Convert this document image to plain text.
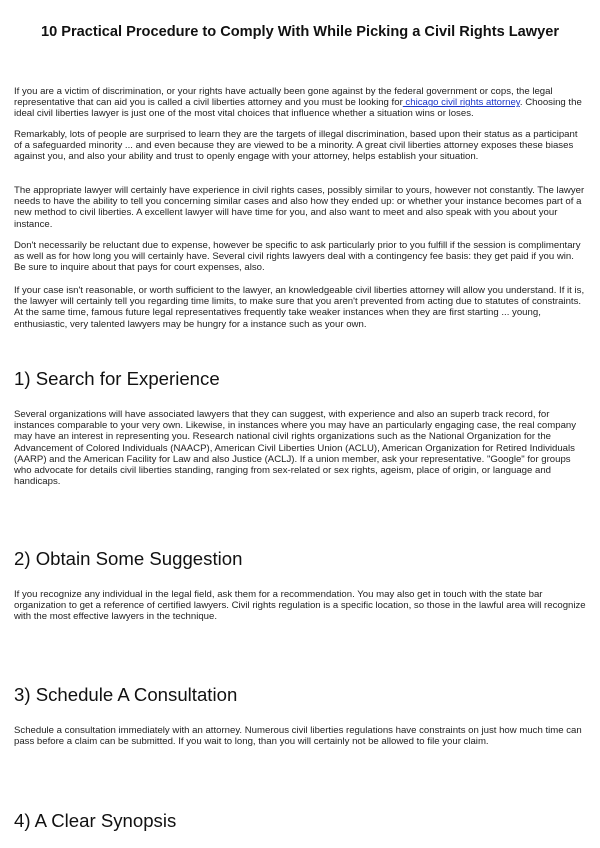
10 Practical Procedure to Comply With While Picking a Civil Rights Lawyer

If you are a victim of discrimination, or your rights have actually been gone against by the federal government or cops, the legal representative that can aid you is called a civil liberties attorney and you must be looking for chicago civil rights attorney. Choosing the ideal civil liberties lawyer is just one of the most vital choices that influence whether a situation wins or loses.

Remarkably, lots of people are surprised to learn they are the targets of illegal discrimination, based upon their status as a participant of a safeguarded minority ... and even because they are viewed to be a minority. A great civil liberties attorney exposes these biases against you, and also your ability and trust to openly engage with your attorney, helps establish your situation.

The appropriate lawyer will certainly have experience in civil rights cases, possibly similar to yours, however not constantly. The lawyer needs to have the ability to tell you concerning similar cases and also how they ended up: or whether your instance becomes part of a new method to civil liberties. A excellent lawyer will have time for you, and also want to meet and also speak with you about your instance.

Don't necessarily be reluctant due to expense, however be specific to ask particularly prior to you fulfill if the session is complimentary as well as for how long you will certainly have. Several civil rights lawyers deal with a contingency fee basis: they get paid if you win. Be sure to inquire about that pays for court expenses, also.

If your case isn't reasonable, or worth sufficient to the lawyer, an knowledgeable civil liberties attorney will allow you understand. If it is, the lawyer will certainly tell you regarding time limits, to make sure that you aren't prevented from acting due to statutes of constraints. At the same time, famous future legal representatives frequently take weaker instances when they are first starting ... young, enthusiastic, very talented lawyers may be hungry for a instance such as your own.

1) Search for Experience

Several organizations will have associated lawyers that they can suggest, with experience and also an superb track record, for instances comparable to your very own. Likewise, in instances where you may have an particularly engaging case, the real company may have an interest in representing you. Research national civil rights organizations such as the National Organization for the Advancement of Colored Individuals (NAACP), American Civil Liberties Union (ACLU), American Organization for Retired Individuals (AARP) and the American Facility for Law and also Justice (ACLJ). If a union member, ask your representative. "Google" for groups who advocate for details civil liberties standing, ranging from sex-related or sex rights, ageism, place of origin, or language and handicaps.

2) Obtain Some Suggestion

If you recognize any individual in the legal field, ask them for a recommendation. You may also get in touch with the state bar organization to get a reference of certified lawyers. Civil rights regulation is a specific location, so those in the lawful area will recognize with the most effective lawyers in the technique.

3) Schedule A Consultation

Schedule a consultation immediately with an attorney. Numerous civil liberties regulations have constraints on just how much time can pass before a claim can be submitted. If you wait to long, than you will certainly not be allowed to file your claim.

4) A Clear Synopsis
